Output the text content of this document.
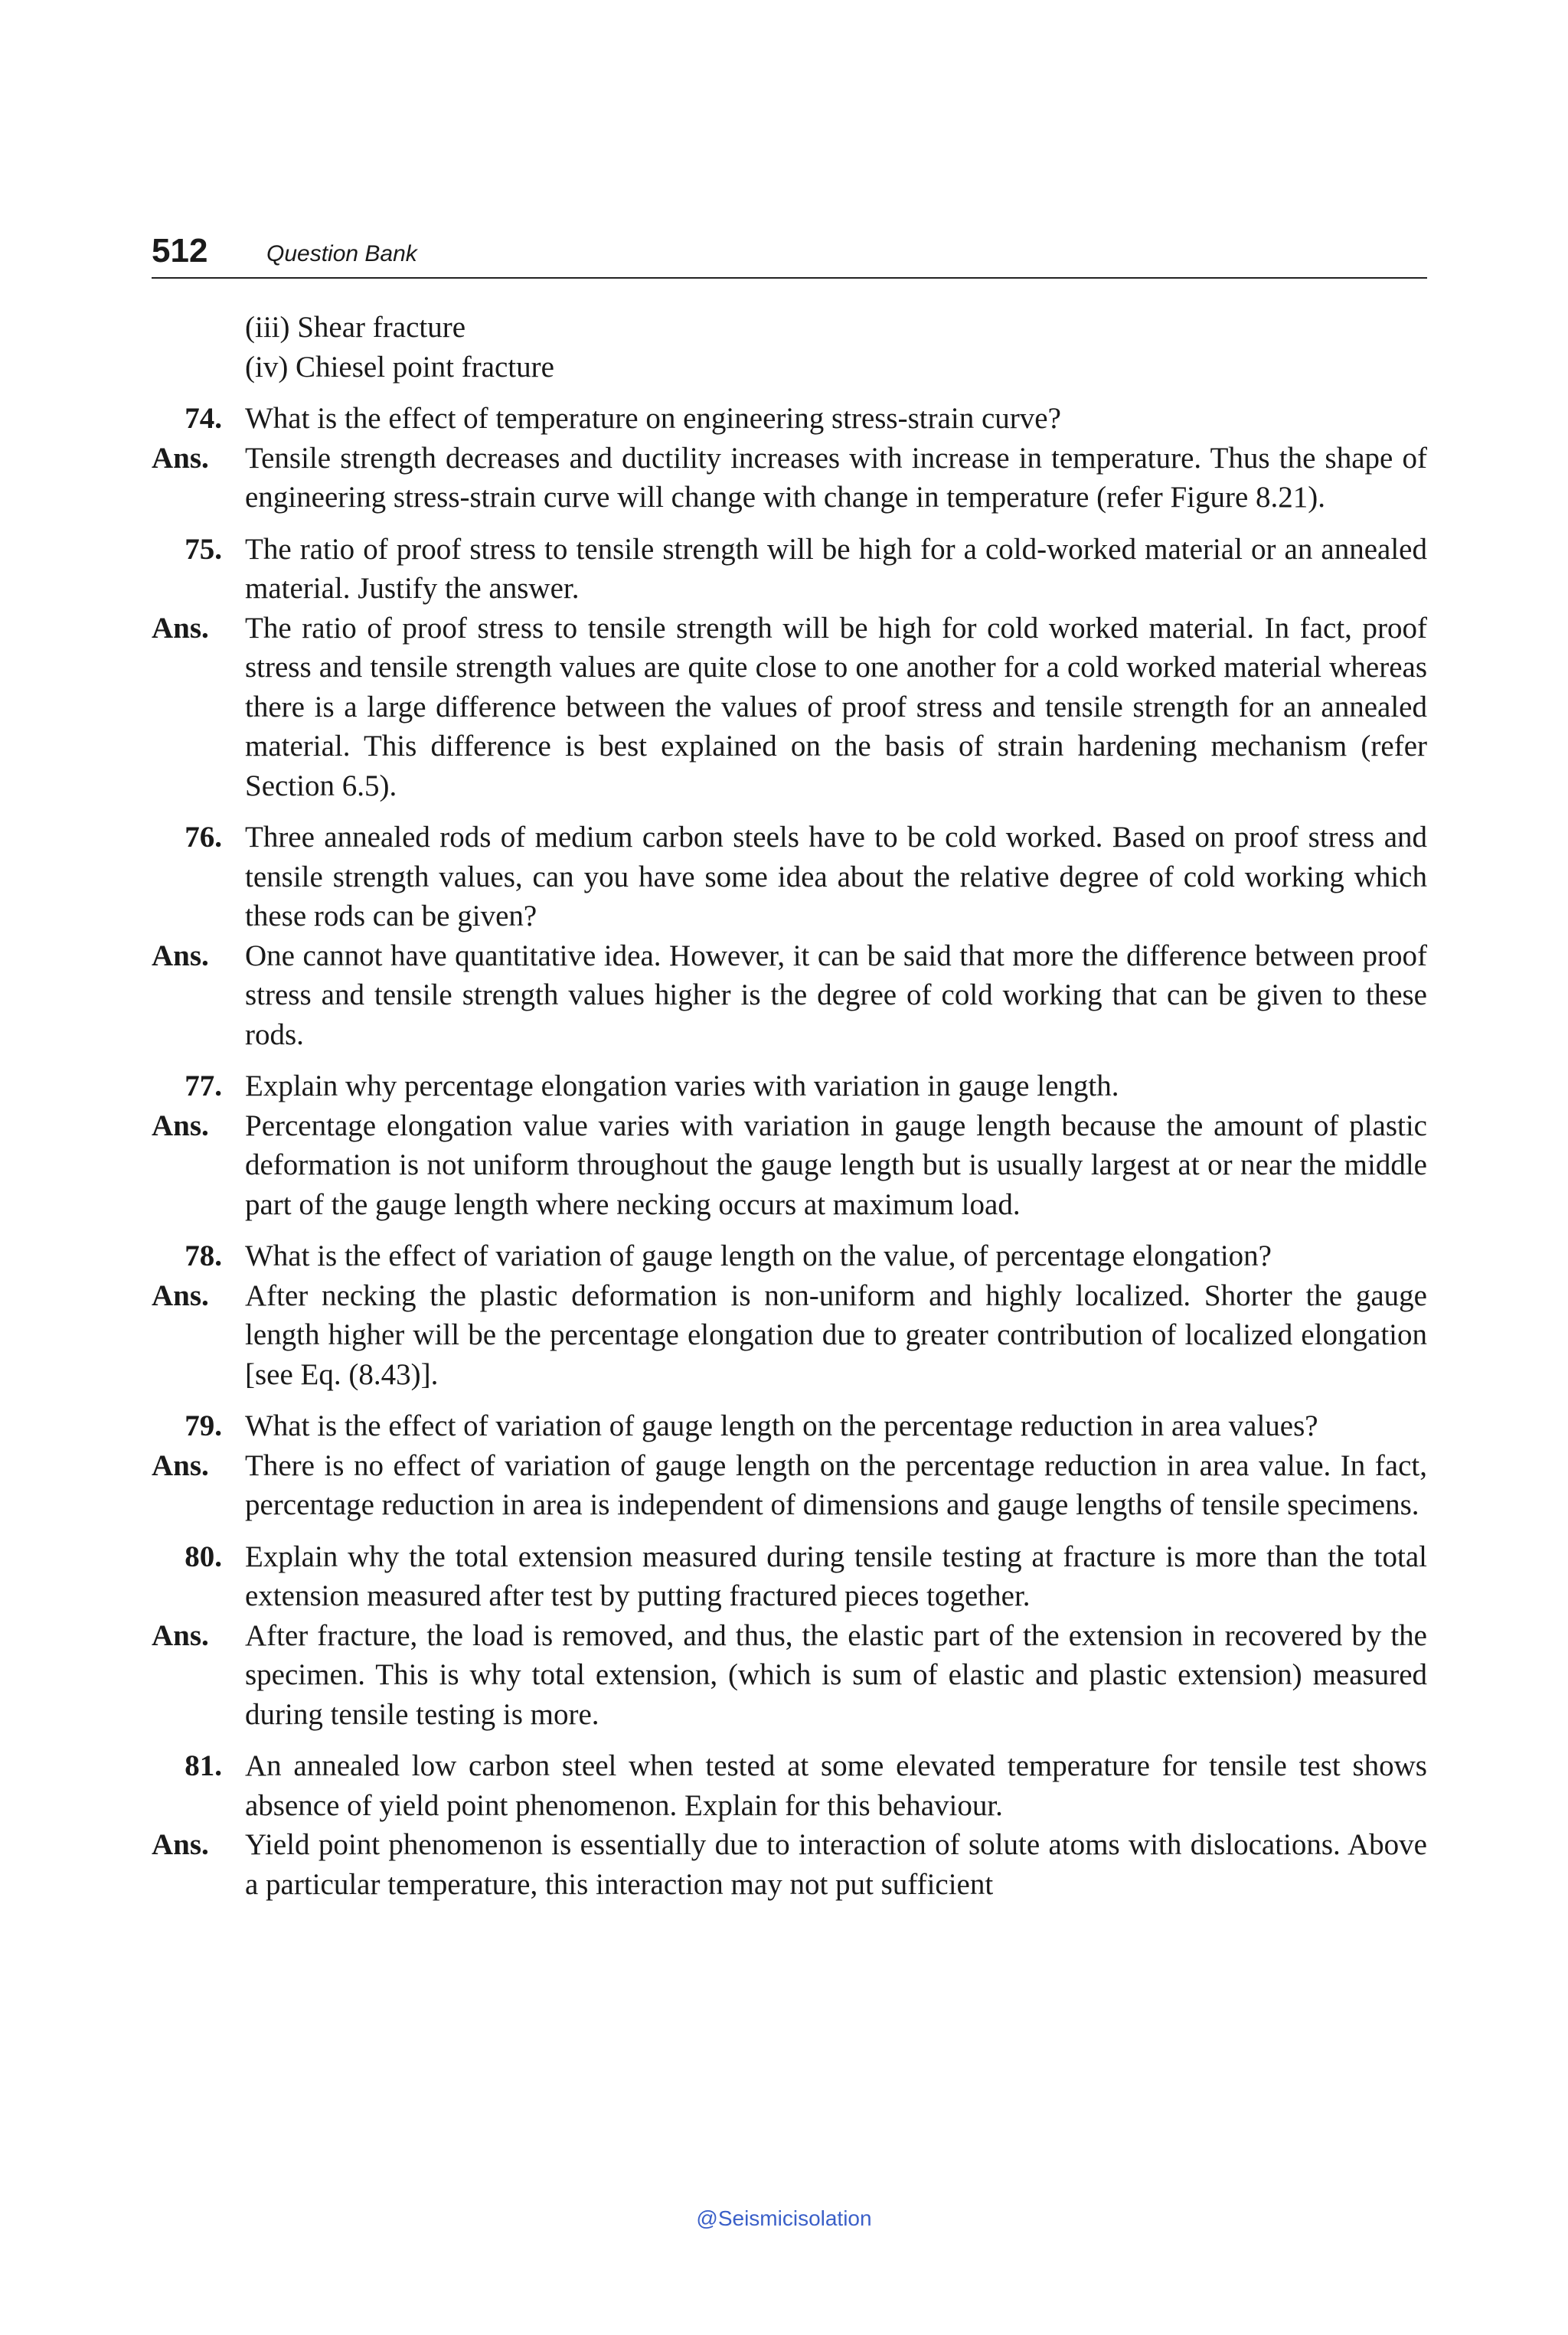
512	Question Bank
(iii) Shear fracture
(iv) Chiesel point fracture
74. What is the effect of temperature on engineering stress-strain curve?
Ans.	Tensile strength decreases and ductility increases with increase in temperature. Thus the shape of engineering stress-strain curve will change with change in temperature (refer Figure 8.21).
75. The ratio of proof stress to tensile strength will be high for a cold-worked material or an annealed material. Justify the answer.
Ans.	The ratio of proof stress to tensile strength will be high for cold worked material. In fact, proof stress and tensile strength values are quite close to one another for a cold worked material whereas there is a large difference between the values of proof stress and tensile strength for an annealed material. This difference is best explained on the basis of strain hardening mechanism (refer Section 6.5).
76. Three annealed rods of medium carbon steels have to be cold worked. Based on proof stress and tensile strength values, can you have some idea about the relative degree of cold working which these rods can be given?
Ans.	One cannot have quantitative idea. However, it can be said that more the difference between proof stress and tensile strength values higher is the degree of cold working that can be given to these rods.
77. Explain why percentage elongation varies with variation in gauge length.
Ans.	Percentage elongation value varies with variation in gauge length because the amount of plastic deformation is not uniform throughout the gauge length but is usually largest at or near the middle part of the gauge length where necking occurs at maximum load.
78. What is the effect of variation of gauge length on the value, of percentage elongation?
Ans.	After necking the plastic deformation is non-uniform and highly localized. Shorter the gauge length higher will be the percentage elongation due to greater contribution of localized elongation [see Eq. (8.43)].
79. What is the effect of variation of gauge length on the percentage reduction in area values?
Ans.	There is no effect of variation of gauge length on the percentage reduction in area value. In fact, percentage reduction in area is independent of dimensions and gauge lengths of tensile specimens.
80. Explain why the total extension measured during tensile testing at fracture is more than the total extension measured after test by putting fractured pieces together.
Ans.	After fracture, the load is removed, and thus, the elastic part of the extension in recovered by the specimen. This is why total extension, (which is sum of elastic and plastic extension) measured during tensile testing is more.
81. An annealed low carbon steel when tested at some elevated temperature for tensile test shows absence of yield point phenomenon. Explain for this behaviour.
Ans.	Yield point phenomenon is essentially due to interaction of solute atoms with dislocations. Above a particular temperature, this interaction may not put sufficient
@Seismicisolation
